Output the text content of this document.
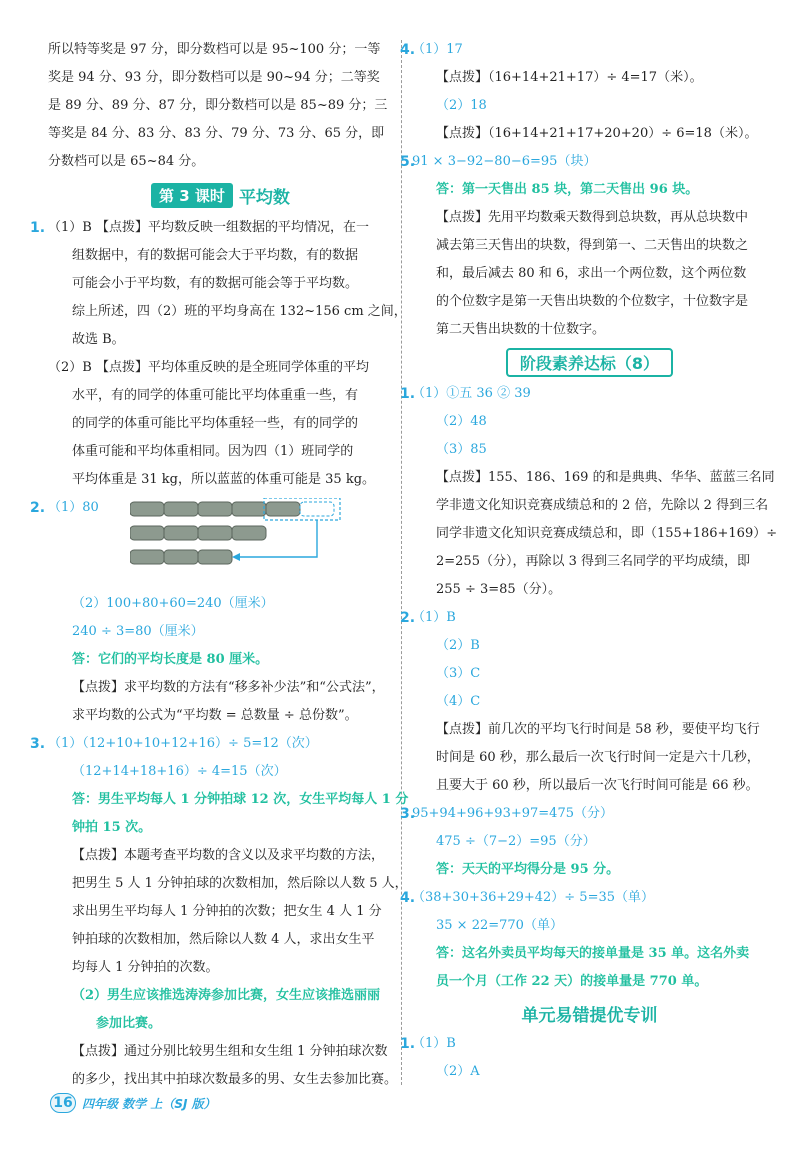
所以特等奖是 97 分，即分数档可以是 95~100 分；一等
奖是 94 分、93 分，即分数档可以是 90~94 分；二等奖
是 89 分、89 分、87 分，即分数档可以是 85~89 分；三
等奖是 84 分、83 分、83 分、79 分、73 分、65 分，即
分数档可以是 65~84 分。
第 3 课时 平均数
1. （1）B 【点拨】平均数反映一组数据的平均情况，在一
组数据中，有的数据可能会大于平均数，有的数据
可能会小于平均数，有的数据可能会等于平均数。
综上所述，四（2）班的平均身高在 132~156 cm 之间，
故选 B。
（2）B 【点拨】平均体重反映的是全班同学体重的平均
水平，有的同学的体重可能比平均体重重一些，有
的同学的体重可能比平均体重轻一些，有的同学的
体重可能和平均体重相同。因为四（1）班同学的
平均体重是 31 kg，所以蓝蓝的体重可能是 35 kg。
2. （1）80
（2）100+80+60=240（厘米）
240 ÷ 3=80（厘米）
答：它们的平均长度是 80 厘米。
【点拨】求平均数的方法有“移多补少法”和“公式法”，
求平均数的公式为“平均数 = 总数量 ÷ 总份数”。
3. （1）（12+10+10+12+16）÷ 5=12（次）
（12+14+18+16）÷ 4=15（次）
答：男生平均每人 1 分钟拍球 12 次，女生平均每人 1 分
钟拍 15 次。
【点拨】本题考查平均数的含义以及求平均数的方法，
把男生 5 人 1 分钟拍球的次数相加，然后除以人数 5 人，
求出男生平均每人 1 分钟拍的次数；把女生 4 人 1 分
钟拍球的次数相加，然后除以人数 4 人，求出女生平
均每人 1 分钟拍的次数。
（2）男生应该推选涛涛参加比赛，女生应该推选丽丽
参加比赛。
【点拨】通过分别比较男生组和女生组 1 分钟拍球次数
的多少，找出其中拍球次数最多的男、女生去参加比赛。
4.
（1）17
【点拨】（16+14+21+17）÷ 4=17（米）。
（2）18
【点拨】（16+14+21+17+20+20）÷ 6=18（米）。
5.
91 × 3−92−80−6=95（块）
答：第一天售出 85 块，第二天售出 96 块。
【点拨】先用平均数乘天数得到总块数，再从总块数中
减去第三天售出的块数，得到第一、二天售出的块数之
和，最后减去 80 和 6，求出一个两位数，这个两位数
的个位数字是第一天售出块数的个位数字，十位数字是
第二天售出块数的十位数字。
阶段素养达标（8）
1.
（1）①五 36 ② 39
（2）48
（3）85
【点拨】155、186、169 的和是典典、华华、蓝蓝三名同
学非遗文化知识竞赛成绩总和的 2 倍，先除以 2 得到三名
同学非遗文化知识竞赛成绩总和，即（155+186+169）÷
2=255（分），再除以 3 得到三名同学的平均成绩，即
255 ÷ 3=85（分）。
2.
（1）B
（2）B
（3）C
（4）C
【点拨】前几次的平均飞行时间是 58 秒，要使平均飞行
时间是 60 秒，那么最后一次飞行时间一定是六十几秒，
且要大于 60 秒，所以最后一次飞行时间可能是 66 秒。
3.
95+94+96+93+97=475（分）
475 ÷（7−2）=95（分）
答：天天的平均得分是 95 分。
4.
（38+30+36+29+42）÷ 5=35（单）
35 × 22=770（单）
答：这名外卖员平均每天的接单量是 35 单。这名外卖
员一个月（工作 22 天）的接单量是 770 单。
单元易错提优专训
1.
（1）B
（2）A
16 四年级 数学 上（SJ 版）
